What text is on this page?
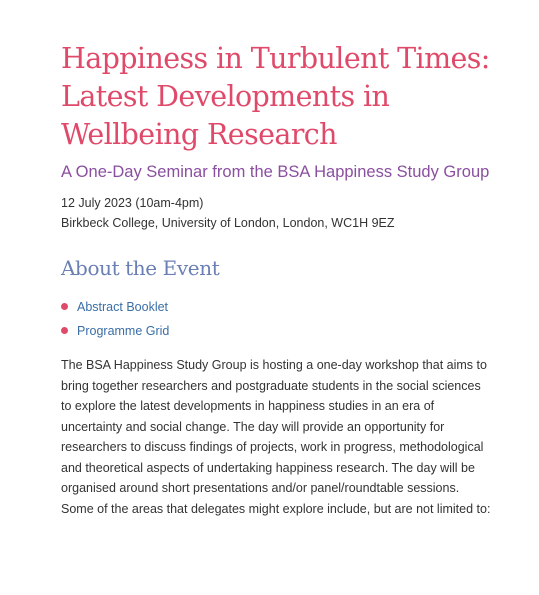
Happiness in Turbulent Times: Latest Developments in Wellbeing Research
A One-Day Seminar from the BSA Happiness Study Group
12 July 2023 (10am-4pm)
Birkbeck College, University of London, London, WC1H 9EZ
About the Event
Abstract Booklet
Programme Grid

The BSA Happiness Study Group is hosting a one-day workshop that aims to bring together researchers and postgraduate students in the social sciences to explore the latest developments in happiness studies in an era of uncertainty and social change. The day will provide an opportunity for researchers to discuss findings of projects, work in progress, methodological and theoretical aspects of undertaking happiness research. The day will be organised around short presentations and/or panel/roundtable sessions. Some of the areas that delegates might explore include, but are not limited to:
